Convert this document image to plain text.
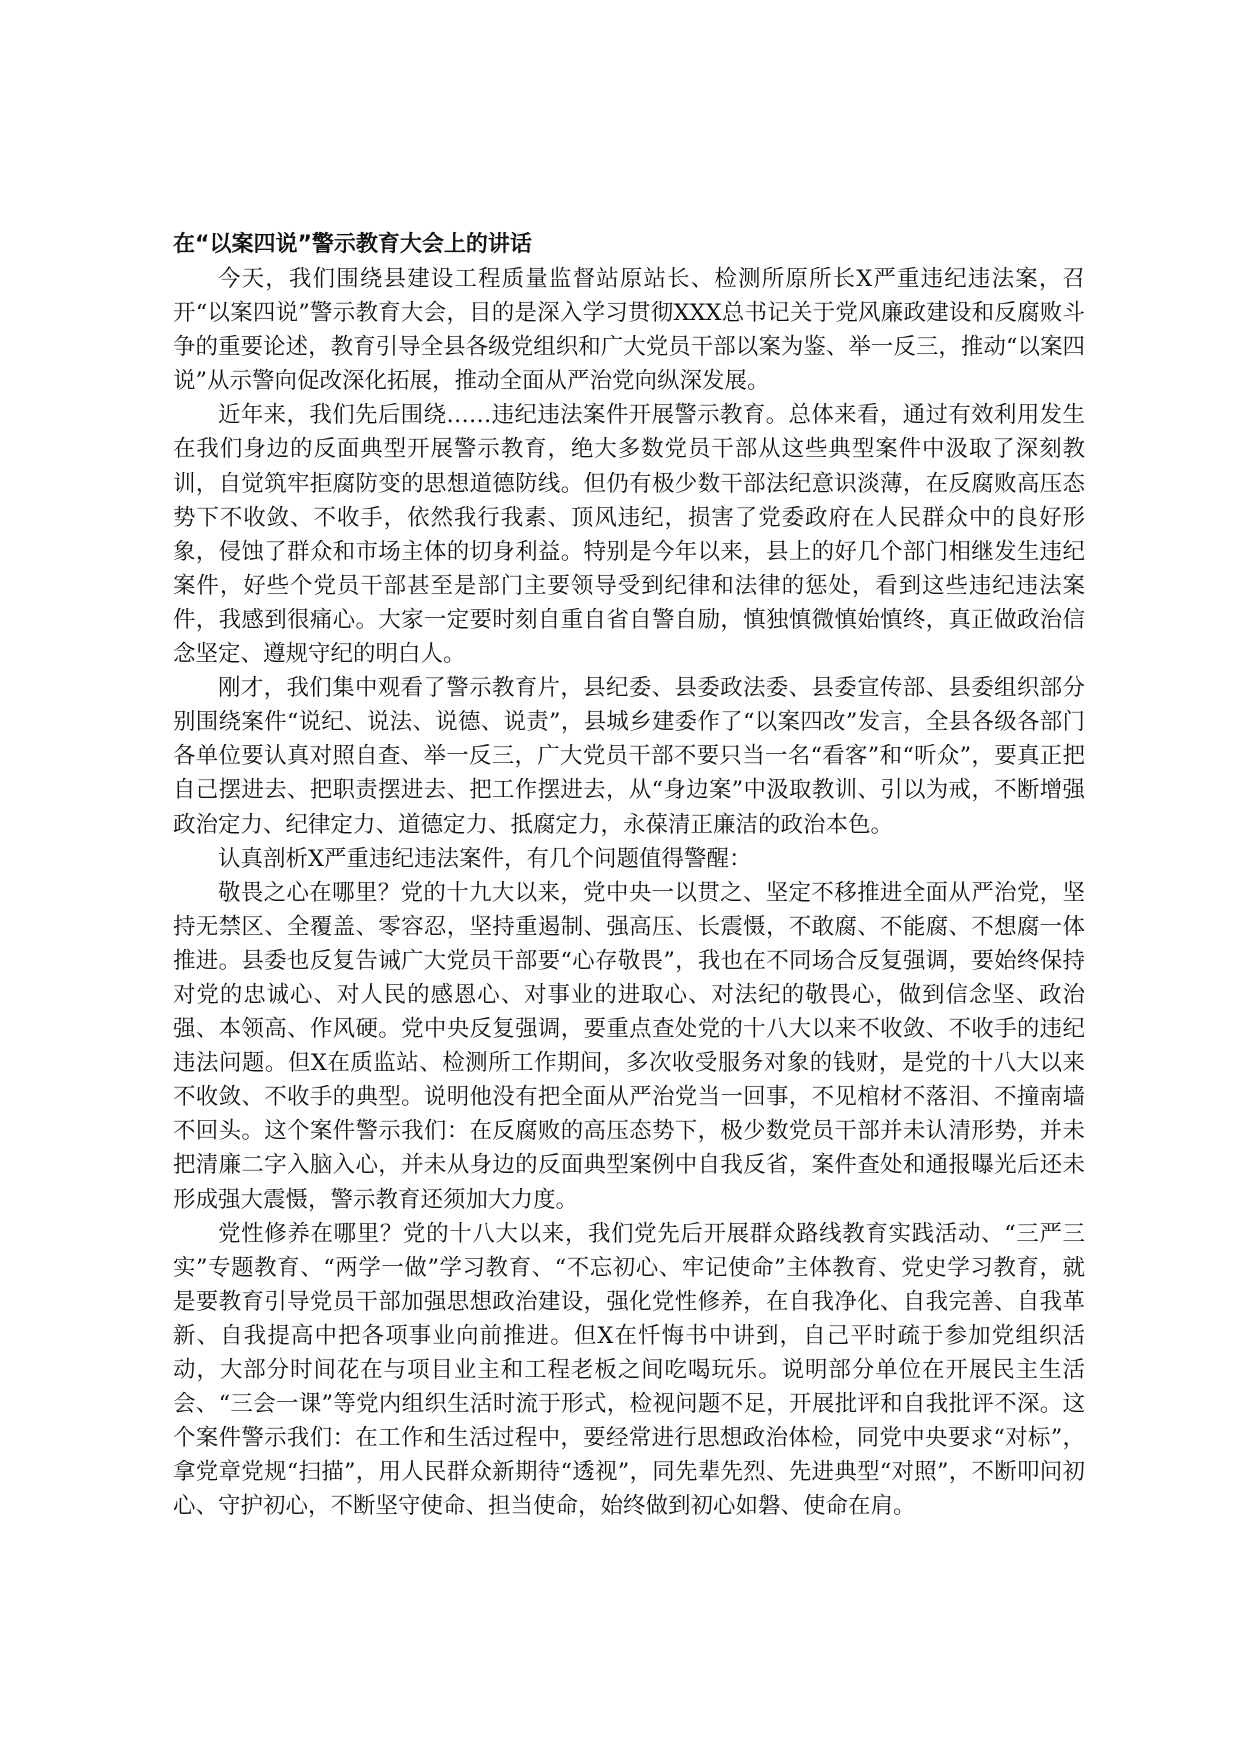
在“以案四说”警示教育大会上的讲话

今天，我们围绕县建设工程质量监督站原站长、检测所原所长X严重违纪违法案，召开“以案四说”警示教育大会，目的是深入学习贯彻XXX总书记关于党风廉政建设和反腐败斗争的重要论述，教育引导全县各级党组织和广大党员干部以案为鉴、举一反三，推动“以案四说”从示警向促改深化拓展，推动全面从严治党向纵深发展。

近年来，我们先后围绕……违纪违法案件开展警示教育。总体来看，通过有效利用发生在我们身边的反面典型开展警示教育，绝大多数党员干部从这些典型案件中汲取了深刻教训，自觉筑牢拒腐防变的思想道德防线。但仍有极少数干部法纪意识淡薄，在反腐败高压态势下不收敛、不收手，依然我行我素、顶风违纪，损害了党委政府在人民群众中的良好形象，侵蚀了群众和市场主体的切身利益。特别是今年以来，县上的好几个部门相继发生违纪案件，好些个党员干部甚至是部门主要领导受到纪律和法律的惩处，看到这些违纪违法案件，我感到很痛心。大家一定要时刻自重自省自警自励，慎独慎微慎始慎终，真正做政治信念坚定、遵规守纪的明白人。

刚才，我们集中观看了警示教育片，县纪委、县委政法委、县委宣传部、县委组织部分别围绕案件“说纪、说法、说德、说责”，县城乡建委作了“以案四改”发言，全县各级各部门各单位要认真对照自查、举一反三，广大党员干部不要只当一名“看客”和“听众”，要真正把自己摆进去、把职责摆进去、把工作摆进去，从“身边案”中汲取教训、引以为戒，不断增强政治定力、纪律定力、道德定力、抵腐定力，永葆清正廉洁的政治本色。

认真剖析X严重违纪违法案件，有几个问题值得警醒：

敬畏之心在哪里？党的十九大以来，党中央一以贯之、坚定不移推进全面从严治党，坚持无禁区、全覆盖、零容忍，坚持重遏制、强高压、长震慑，不敢腐、不能腐、不想腐一体推进。县委也反复告诫广大党员干部要“心存敬畏”，我也在不同场合反复强调，要始终保持对党的忠诚心、对人民的感恩心、对事业的进取心、对法纪的敬畏心，做到信念坚、政治强、本领高、作风硬。党中央反复强调，要重点查处党的十八大以来不收敛、不收手的违纪违法问题。但X在质监站、检测所工作期间，多次收受服务对象的钱财，是党的十八大以来不收敛、不收手的典型。说明他没有把全面从严治党当一回事，不见棺材不落泪、不撞南墙不回头。这个案件警示我们：在反腐败的高压态势下，极少数党员干部并未认清形势，并未把清廉二字入脑入心，并未从身边的反面典型案例中自我反省，案件查处和通报曝光后还未形成强大震慑，警示教育还须加大力度。

党性修养在哪里？党的十八大以来，我们党先后开展群众路线教育实践活动、“三严三实”专题教育、“两学一做”学习教育、“不忘初心、牢记使命”主体教育、党史学习教育，就是要教育引导党员干部加强思想政治建设，强化党性修养，在自我净化、自我完善、自我革新、自我提高中把各项事业向前推进。但X在忏悔书中讲到，自己平时疏于参加党组织活动，大部分时间花在与项目业主和工程老板之间吃喝玩乐。说明部分单位在开展民主生活会、“三会一课”等党内组织生活时流于形式，检视问题不足，开展批评和自我批评不深。这个案件警示我们：在工作和生活过程中，要经常进行思想政治体检，同党中央要求“对标”，拿党章党规“扫描”，用人民群众新期待“透视”，同先辈先烈、先进典型“对照”，不断叩问初心、守护初心，不断坚守使命、担当使命，始终做到初心如磐、使命在肩。
